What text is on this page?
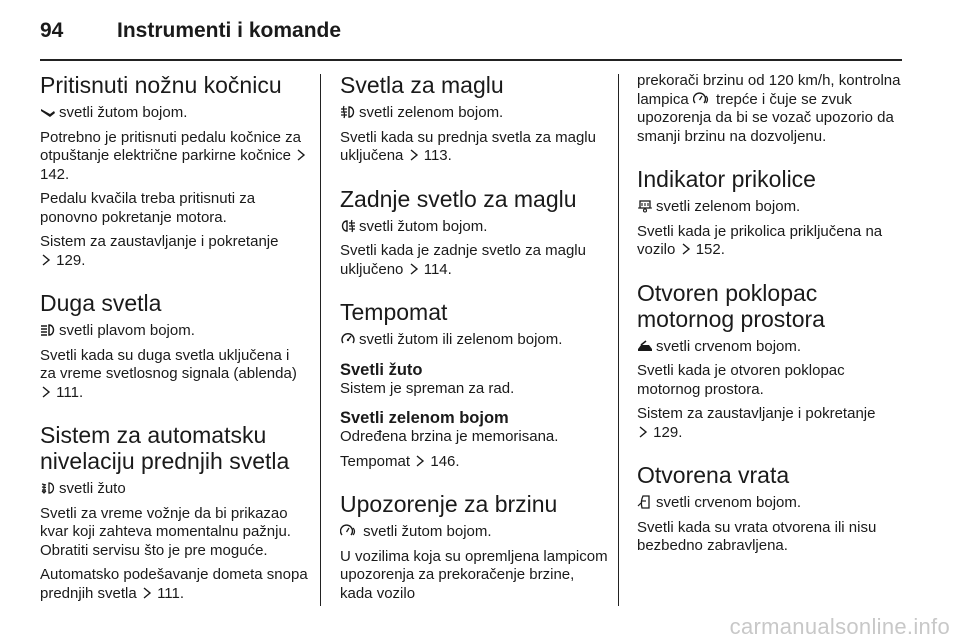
94	Instrumenti i komande
Pritisnuti nožnu kočnicu

svetli žutom bojom.

Potrebno je pritisnuti pedalu kočnice za otpuštanje električne parkirne kočnice
142.

Pedalu kvačila treba pritisnuti za ponovno pokretanje motora.

Sistem za zaustavljanje i pokretanje

129.

Duga svetla

svetli plavom bojom.

Svetli kada su duga svetla uključena i za vreme svetlosnog signala (ablenda)
111.

Sistem za automatsku nivelaciju prednjih svetla

svetli žuto

Svetli za vreme vožnje da bi prikazao kvar koji zahteva momentalnu pažnju. Obratiti servisu što je pre moguće.

Automatsko podešavanje dometa snopa prednjih svetla 111.

Svetla za maglu

svetli zelenom bojom.

Svetli kada su prednja svetla za maglu uključena 113.

Zadnje svetlo za maglu

svetli žutom bojom.

Svetli kada je zadnje svetlo za maglu uključeno 114.

Tempomat

svetli žutom ili zelenom bojom.

Svetli žuto

Sistem je spreman za rad.

Svetli zelenom bojom

Određena brzina je memorisana.

Tempomat 146.

Upozorenje za brzinu

svetli žutom bojom.

U vozilima koja su opremljena lampicom upozorenja za prekoračenje brzine, kada vozilo

prekorači brzinu od 120 km/h, kontrolna lampica trepće i čuje se zvuk upozorenja da bi se vozač upozorio da smanji brzinu na dozvoljenu.

Indikator prikolice

svetli zelenom bojom.

Svetli kada je prikolica priključena na vozilo 152.

Otvoren poklopac motornog prostora

svetli crvenom bojom.

Svetli kada je otvoren poklopac motornog prostora.

Sistem za zaustavljanje i pokretanje

129.

Otvorena vrata

svetli crvenom bojom.

Svetli kada su vrata otvorena ili nisu bezbedno zabravljena.

carmanualsonline.info
